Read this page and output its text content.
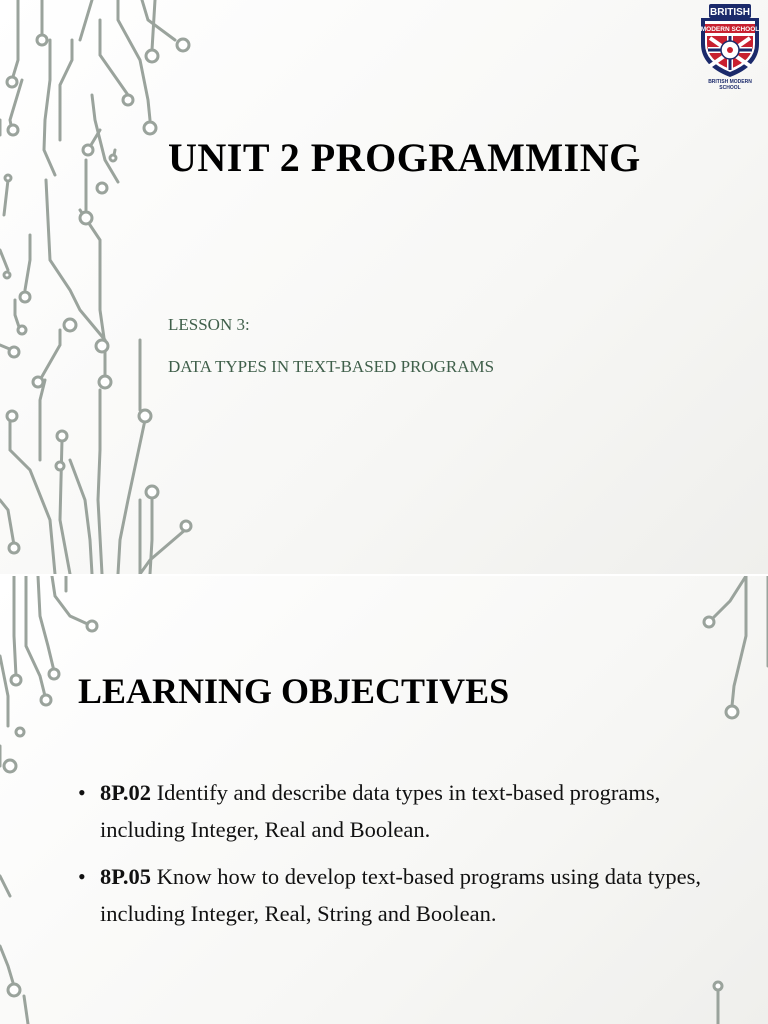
BRITISH
MODERN SCHOOL
BRITISH MODERN SCHOOL
UNIT 2 PROGRAMMING

LESSON 3:

DATA TYPES IN TEXT-BASED PROGRAMS

LEARNING OBJECTIVES
• 8P.02 Identify and describe data types in text-based programs, including Integer, Real and Boolean.
• 8P.05 Know how to develop text-based programs using data types, including Integer, Real, String and Boolean.
